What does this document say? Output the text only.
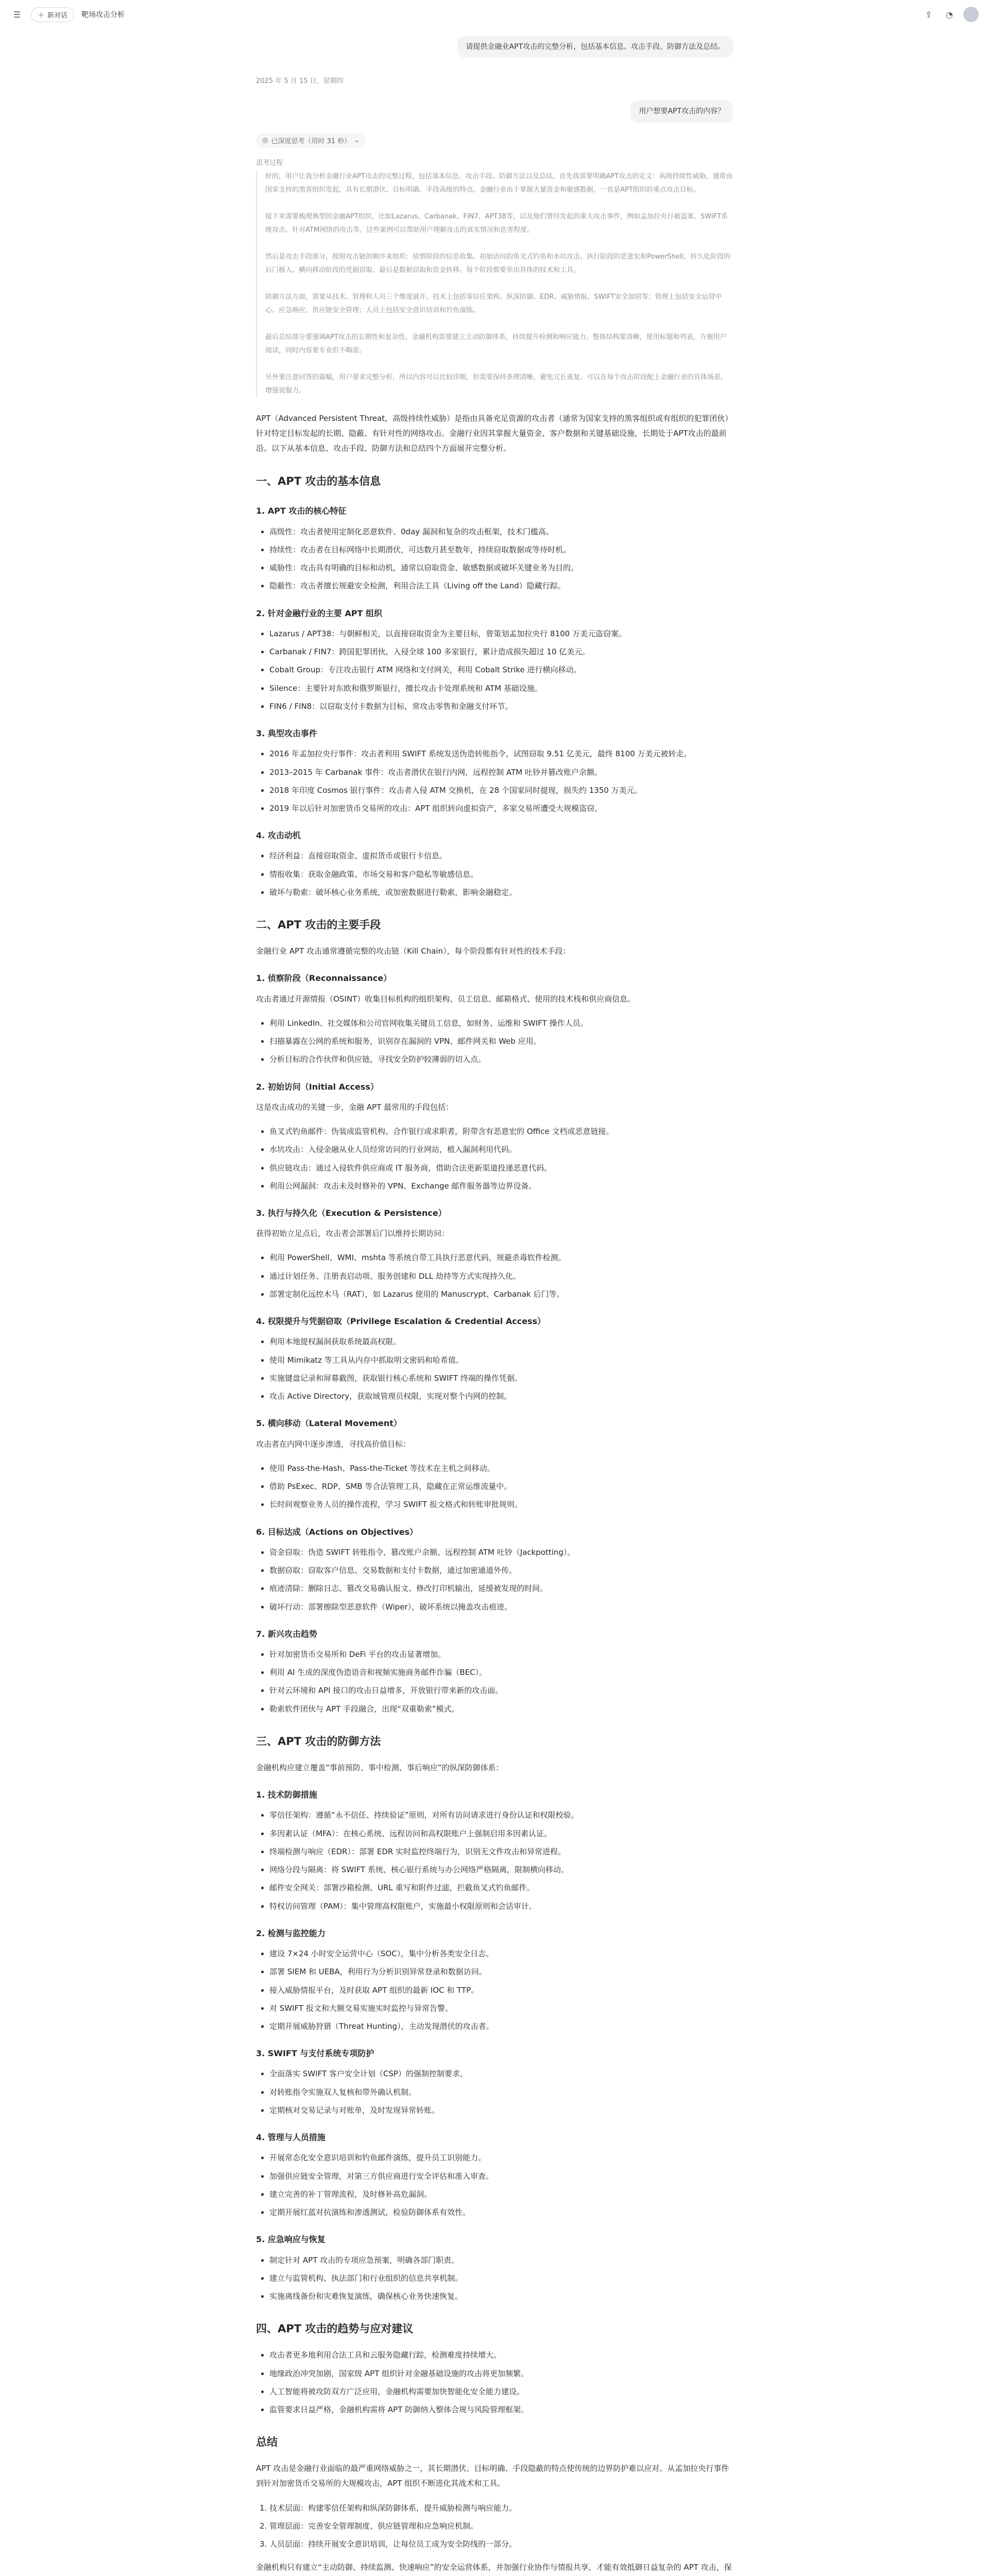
☰	＋ 新对话 靶场攻击分析	⇪	◔
请提供金融业APT攻击的完整分析，包括基本信息、攻击手段、防御方法及总结。
2025 年 5 月 15 日，星期四
用户想要APT攻击的内容？
◎ 已深度思考（用时 31 秒） ⌄
思考过程

好的，用户让我分析金融行业APT攻击的完整过程，包括基本信息、攻击手段、防御方法以及总结。首先我需要明确APT攻击的定义：高级持续性威胁，通常由国家支持的黑客组织发起，具有长期潜伏、目标明确、手段高级的特点。金融行业由于掌握大量资金和敏感数据，一直是APT组织的重点攻击目标。

接下来需要梳理典型的金融APT组织，比如Lazarus、Carbanak、FIN7、APT38等，以及他们曾经发起的重大攻击事件，例如孟加拉央行被盗案、SWIFT系统攻击、针对ATM网络的攻击等。这些案例可以帮助用户理解攻击的真实情况和危害程度。

然后是攻击手段部分，按照攻击链的顺序来组织：侦察阶段的信息收集、初始访问的鱼叉式钓鱼和水坑攻击、执行阶段的恶意宏和PowerShell、持久化阶段的后门植入、横向移动阶段的凭据窃取、最后是数据窃取和资金转移。每个阶段都要举出具体的技术和工具。

防御方法方面，需要从技术、管理和人员三个维度展开。技术上包括零信任架构、纵深防御、EDR、威胁情报、SWIFT安全加固等；管理上包括安全运营中心、应急响应、供应链安全管理；人员上包括安全意识培训和钓鱼演练。

最后总结部分要强调APT攻击的长期性和复杂性，金融机构需要建立主动防御体系，持续提升检测和响应能力。整体结构要清晰，使用标题和列表，方便用户阅读，同时内容要专业但不晦涩。

另外要注意回答的篇幅，用户要求完整分析，所以内容可以比较详细，但需要保持条理清晰，避免冗长重复。可以在每个攻击阶段配上金融行业的具体场景，增强说服力。

APT（Advanced Persistent Threat，高级持续性威胁）是指由具备充足资源的攻击者（通常为国家支持的黑客组织或有组织的犯罪团伙）针对特定目标发起的长期、隐蔽、有针对性的网络攻击。金融行业因其掌握大量资金、客户数据和关键基础设施，长期处于APT攻击的最前沿。以下从基本信息、攻击手段、防御方法和总结四个方面展开完整分析。

一、APT 攻击的基本信息
1. APT 攻击的核心特征
• 高级性：攻击者使用定制化恶意软件、0day 漏洞和复杂的攻击框架，技术门槛高。
• 持续性：攻击者在目标网络中长期潜伏，可达数月甚至数年，持续窃取数据或等待时机。
• 威胁性：攻击具有明确的目标和动机，通常以窃取资金、敏感数据或破坏关键业务为目的。
• 隐蔽性：攻击者擅长规避安全检测，利用合法工具（Living off the Land）隐藏行踪。
2. 针对金融行业的主要 APT 组织
• Lazarus / APT38：与朝鲜相关，以直接窃取资金为主要目标，曾策划孟加拉央行 8100 万美元盗窃案。
• Carbanak / FIN7：跨国犯罪团伙，入侵全球 100 多家银行，累计造成损失超过 10 亿美元。
• Cobalt Group：专注攻击银行 ATM 网络和支付网关，利用 Cobalt Strike 进行横向移动。
• Silence：主要针对东欧和俄罗斯银行，擅长攻击卡处理系统和 ATM 基础设施。
• FIN6 / FIN8：以窃取支付卡数据为目标，常攻击零售和金融支付环节。
3. 典型攻击事件
• 2016 年孟加拉央行事件：攻击者利用 SWIFT 系统发送伪造转账指令，试图窃取 9.51 亿美元，最终 8100 万美元被转走。
• 2013–2015 年 Carbanak 事件：攻击者潜伏在银行内网，远程控制 ATM 吐钞并篡改账户余额。
• 2018 年印度 Cosmos 银行事件：攻击者入侵 ATM 交换机，在 28 个国家同时提现，损失约 1350 万美元。
• 2019 年以后针对加密货币交易所的攻击：APT 组织转向虚拟资产，多家交易所遭受大规模盗窃。
4. 攻击动机
• 经济利益：直接窃取资金、虚拟货币或银行卡信息。
• 情报收集：获取金融政策、市场交易和客户隐私等敏感信息。
• 破坏与勒索：破坏核心业务系统，或加密数据进行勒索，影响金融稳定。
二、APT 攻击的主要手段

金融行业 APT 攻击通常遵循完整的攻击链（Kill Chain），每个阶段都有针对性的技术手段：

1. 侦察阶段（Reconnaissance）

攻击者通过开源情报（OSINT）收集目标机构的组织架构、员工信息、邮箱格式、使用的技术栈和供应商信息。

• 利用 LinkedIn、社交媒体和公司官网收集关键员工信息，如财务、运维和 SWIFT 操作人员。
• 扫描暴露在公网的系统和服务，识别存在漏洞的 VPN、邮件网关和 Web 应用。
• 分析目标的合作伙伴和供应链，寻找安全防护较薄弱的切入点。
2. 初始访问（Initial Access）

这是攻击成功的关键一步，金融 APT 最常用的手段包括：

• 鱼叉式钓鱼邮件：伪装成监管机构、合作银行或求职者，附带含有恶意宏的 Office 文档或恶意链接。
• 水坑攻击：入侵金融从业人员经常访问的行业网站，植入漏洞利用代码。
• 供应链攻击：通过入侵软件供应商或 IT 服务商，借助合法更新渠道投递恶意代码。
• 利用公网漏洞：攻击未及时修补的 VPN、Exchange 邮件服务器等边界设备。
3. 执行与持久化（Execution & Persistence）

获得初始立足点后，攻击者会部署后门以维持长期访问：

• 利用 PowerShell、WMI、mshta 等系统自带工具执行恶意代码，规避杀毒软件检测。
• 通过计划任务、注册表启动项、服务创建和 DLL 劫持等方式实现持久化。
• 部署定制化远控木马（RAT），如 Lazarus 使用的 Manuscrypt、Carbanak 后门等。
4. 权限提升与凭据窃取（Privilege Escalation & Credential Access）
• 利用本地提权漏洞获取系统最高权限。
• 使用 Mimikatz 等工具从内存中抓取明文密码和哈希值。
• 实施键盘记录和屏幕截图，获取银行核心系统和 SWIFT 终端的操作凭据。
• 攻击 Active Directory，获取域管理员权限，实现对整个内网的控制。
5. 横向移动（Lateral Movement）

攻击者在内网中逐步渗透，寻找高价值目标：

• 使用 Pass-the-Hash、Pass-the-Ticket 等技术在主机之间移动。
• 借助 PsExec、RDP、SMB 等合法管理工具，隐藏在正常运维流量中。
• 长时间观察业务人员的操作流程，学习 SWIFT 报文格式和转账审批规则。
6. 目标达成（Actions on Objectives）
• 资金窃取：伪造 SWIFT 转账指令、篡改账户余额、远程控制 ATM 吐钞（Jackpotting）。
• 数据窃取：窃取客户信息、交易数据和支付卡数据，通过加密通道外传。
• 痕迹清除：删除日志、篡改交易确认报文、修改打印机输出，延缓被发现的时间。
• 破坏行动：部署擦除型恶意软件（Wiper），破坏系统以掩盖攻击痕迹。
7. 新兴攻击趋势
• 针对加密货币交易所和 DeFi 平台的攻击显著增加。
• 利用 AI 生成的深度伪造语音和视频实施商务邮件诈骗（BEC）。
• 针对云环境和 API 接口的攻击日益增多，开放银行带来新的攻击面。
• 勒索软件团伙与 APT 手段融合，出现“双重勒索”模式。
三、APT 攻击的防御方法

金融机构应建立覆盖“事前预防、事中检测、事后响应”的纵深防御体系：

1. 技术防御措施
• 零信任架构：遵循“永不信任、持续验证”原则，对所有访问请求进行身份认证和权限校验。
• 多因素认证（MFA）：在核心系统、远程访问和高权限账户上强制启用多因素认证。
• 终端检测与响应（EDR）：部署 EDR 实时监控终端行为，识别无文件攻击和异常进程。
• 网络分段与隔离：将 SWIFT 系统、核心银行系统与办公网络严格隔离，限制横向移动。
• 邮件安全网关：部署沙箱检测、URL 重写和附件过滤，拦截鱼叉式钓鱼邮件。
• 特权访问管理（PAM）：集中管理高权限账户，实施最小权限原则和会话审计。
2. 检测与监控能力
• 建设 7×24 小时安全运营中心（SOC），集中分析各类安全日志。
• 部署 SIEM 和 UEBA，利用行为分析识别异常登录和数据访问。
• 接入威胁情报平台，及时获取 APT 组织的最新 IOC 和 TTP。
• 对 SWIFT 报文和大额交易实施实时监控与异常告警。
• 定期开展威胁狩猎（Threat Hunting），主动发现潜伏的攻击者。
3. SWIFT 与支付系统专项防护
• 全面落实 SWIFT 客户安全计划（CSP）的强制控制要求。
• 对转账指令实施双人复核和带外确认机制。
• 定期核对交易记录与对账单，及时发现异常转账。
4. 管理与人员措施
• 开展常态化安全意识培训和钓鱼邮件演练，提升员工识别能力。
• 加强供应链安全管理，对第三方供应商进行安全评估和准入审查。
• 建立完善的补丁管理流程，及时修补高危漏洞。
• 定期开展红蓝对抗演练和渗透测试，检验防御体系有效性。
5. 应急响应与恢复
• 制定针对 APT 攻击的专项应急预案，明确各部门职责。
• 建立与监管机构、执法部门和行业组织的信息共享机制。
• 实施离线备份和灾难恢复演练，确保核心业务快速恢复。
四、APT 攻击的趋势与应对建议
• 攻击者更多地利用合法工具和云服务隐藏行踪，检测难度持续增大。
• 地缘政治冲突加剧，国家级 APT 组织针对金融基础设施的攻击将更加频繁。
• 人工智能将被攻防双方广泛应用，金融机构需要加快智能化安全能力建设。
• 监管要求日益严格，金融机构需将 APT 防御纳入整体合规与风险管理框架。
总结

APT 攻击是金融行业面临的最严重网络威胁之一，其长期潜伏、目标明确、手段隐蔽的特点使传统的边界防护难以应对。从孟加拉央行事件到针对加密货币交易所的大规模攻击，APT 组织不断进化其战术和工具。

1. 技术层面：构建零信任架构和纵深防御体系，提升威胁检测与响应能力。
2. 管理层面：完善安全管理制度、供应链管理和应急响应机制。
3. 人员层面：持续开展安全意识培训，让每位员工成为安全防线的一部分。

金融机构只有建立“主动防御、持续监测、快速响应”的安全运营体系，并加强行业协作与情报共享，才能有效抵御日益复杂的 APT 攻击，保
